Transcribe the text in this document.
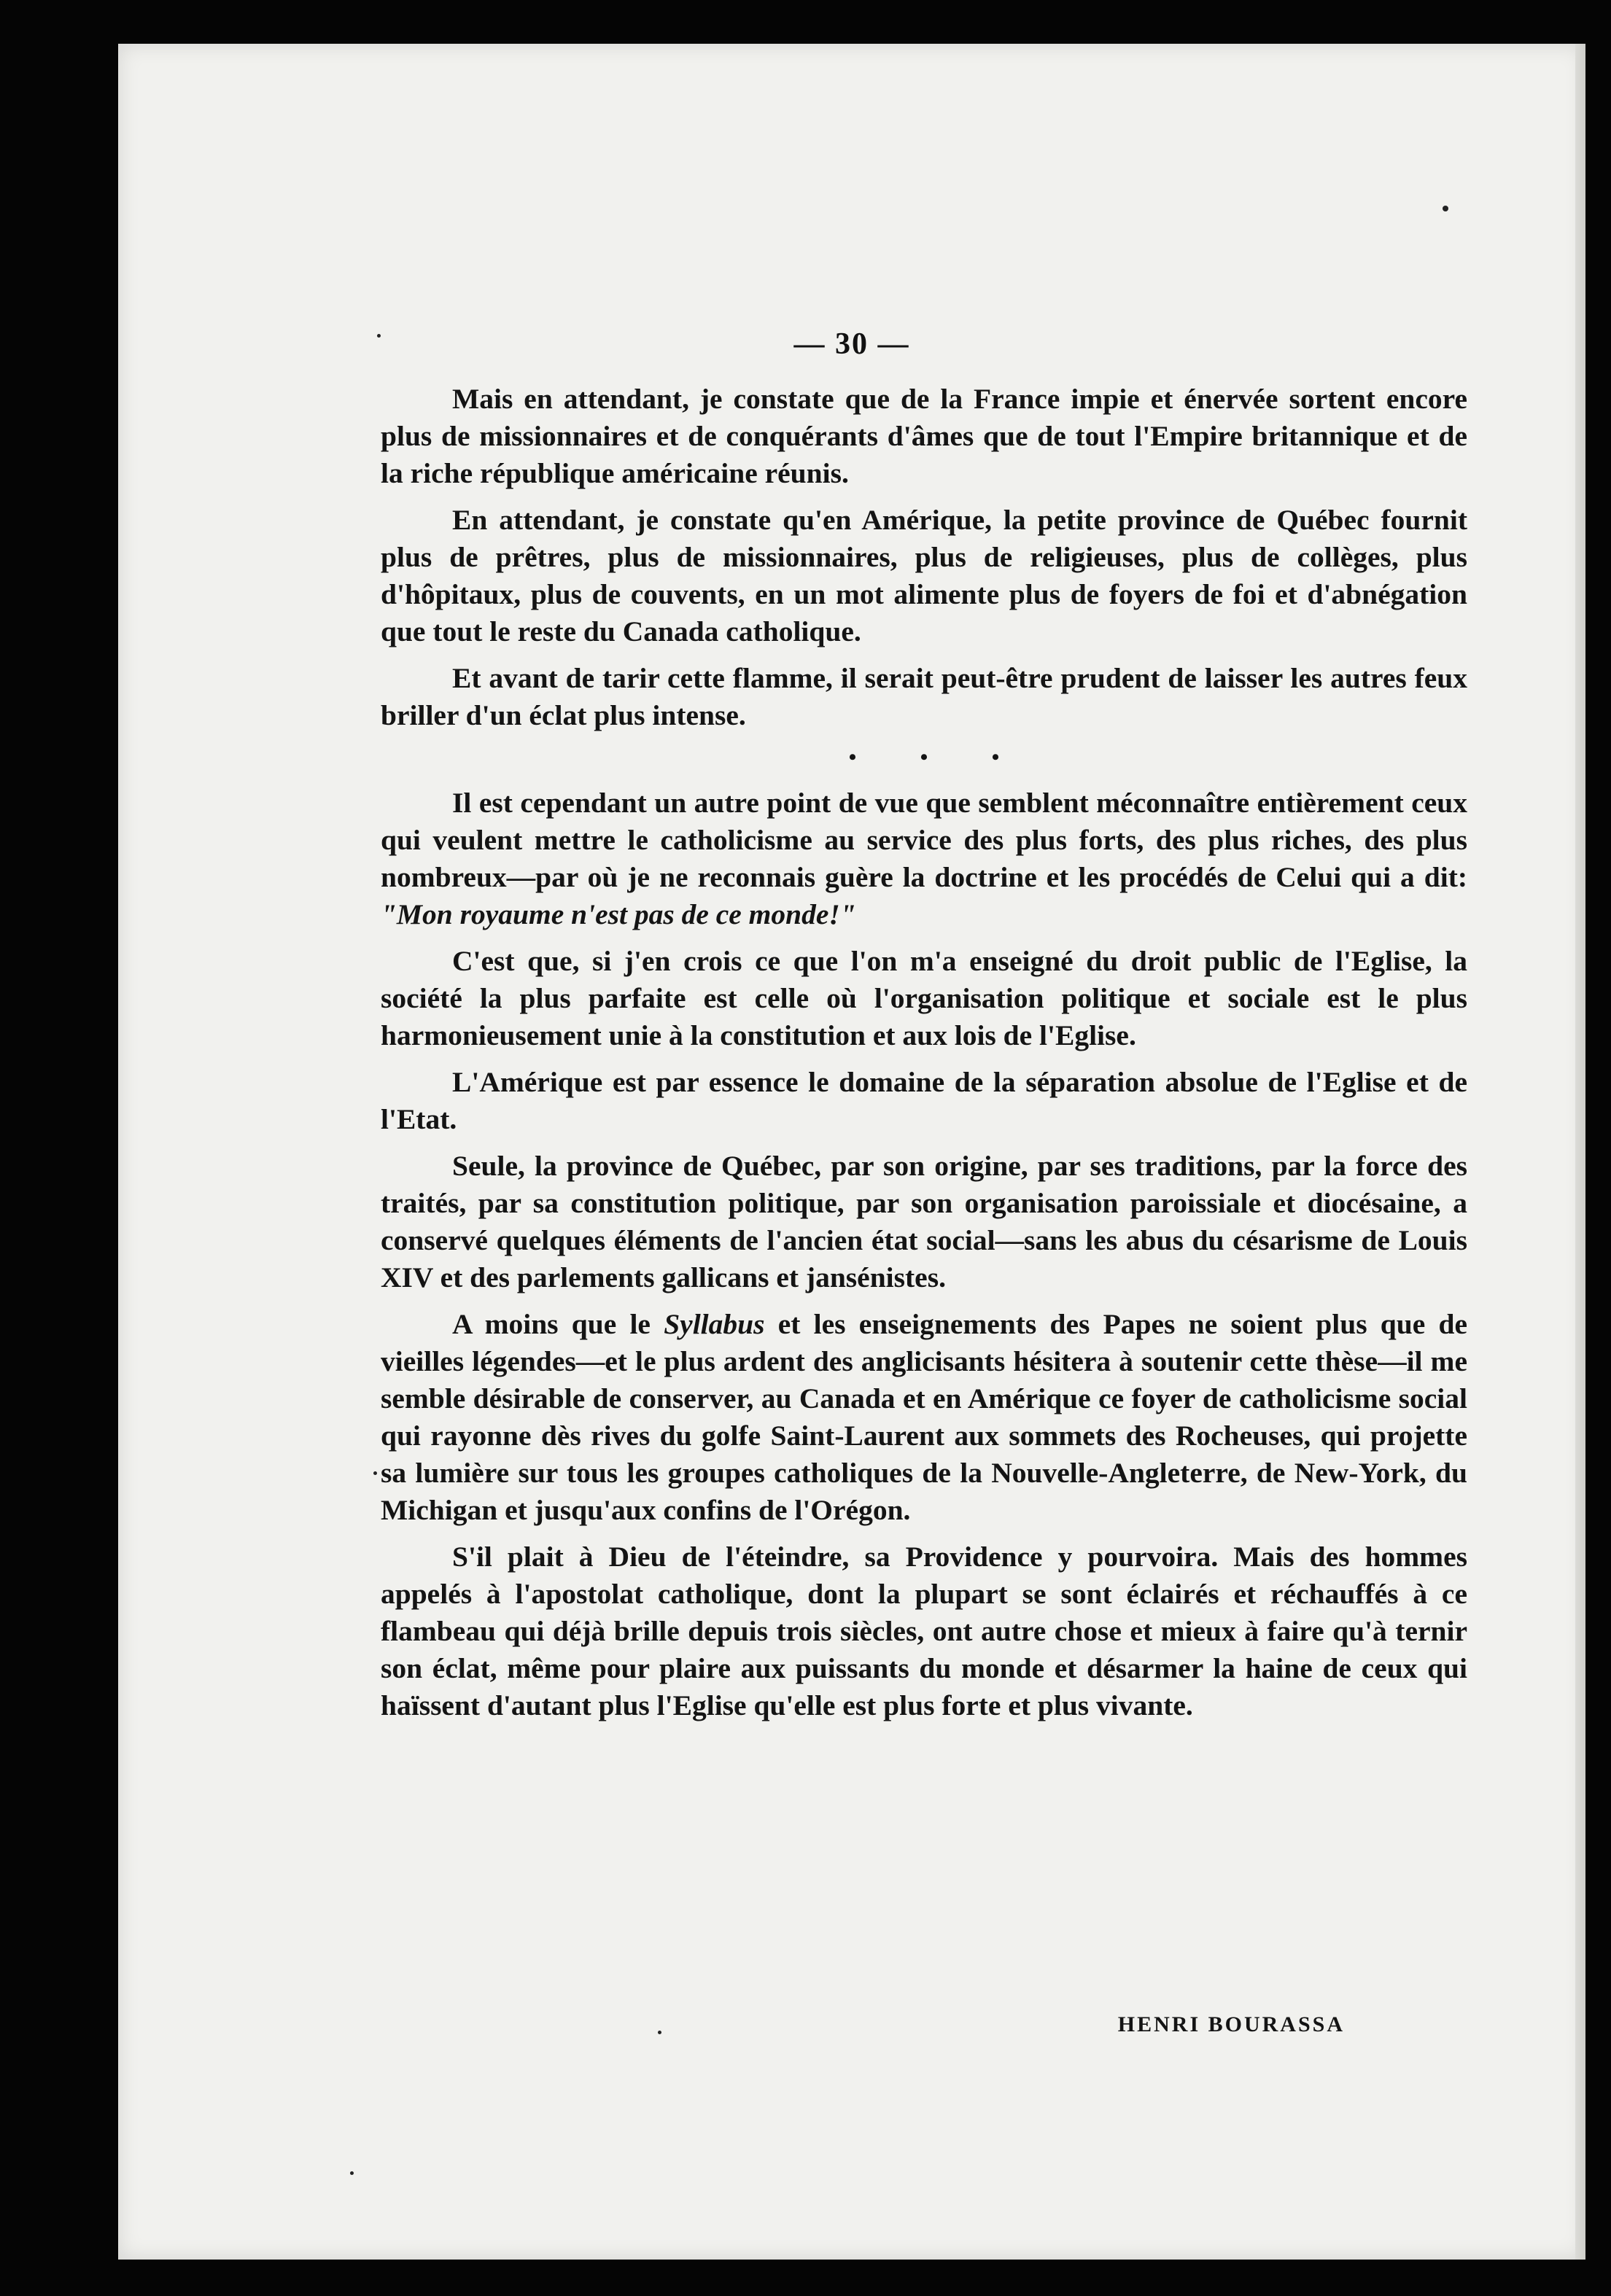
— 30 —

Mais en attendant, je constate que de la France impie et énervée sortent encore plus de missionnaires et de conquérants d'âmes que de tout l'Empire britannique et de la riche république américaine réunis.

En attendant, je constate qu'en Amérique, la petite province de Québec fournit plus de prêtres, plus de missionnaires, plus de religieuses, plus de collèges, plus d'hôpitaux, plus de couvents, en un mot alimente plus de foyers de foi et d'abnégation que tout le reste du Canada catholique.

Et avant de tarir cette flamme, il serait peut-être prudent de laisser les autres feux briller d'un éclat plus intense.

• • •

Il est cependant un autre point de vue que semblent méconnaître entièrement ceux qui veulent mettre le catholicisme au service des plus forts, des plus riches, des plus nombreux—par où je ne reconnais guère la doctrine et les procédés de Celui qui a dit: "Mon royaume n'est pas de ce monde!"

C'est que, si j'en crois ce que l'on m'a enseigné du droit public de l'Eglise, la société la plus parfaite est celle où l'organisation politique et sociale est le plus harmonieusement unie à la constitution et aux lois de l'Eglise.

L'Amérique est par essence le domaine de la séparation absolue de l'Eglise et de l'Etat.

Seule, la province de Québec, par son origine, par ses traditions, par la force des traités, par sa constitution politique, par son organisation paroissiale et diocésaine, a conservé quelques éléments de l'ancien état social—sans les abus du césarisme de Louis XIV et des parlements gallicans et jansénistes.

A moins que le Syllabus et les enseignements des Papes ne soient plus que de vieilles légendes—et le plus ardent des anglicisants hésitera à soutenir cette thèse—il me semble désirable de conserver, au Canada et en Amérique ce foyer de catholicisme social qui rayonne dès rives du golfe Saint-Laurent aux sommets des Rocheuses, qui projette sa lumière sur tous les groupes catholiques de la Nouvelle-Angleterre, de New-York, du Michigan et jusqu'aux confins de l'Orégon.

S'il plait à Dieu de l'éteindre, sa Providence y pourvoira. Mais des hommes appelés à l'apostolat catholique, dont la plupart se sont éclairés et réchauffés à ce flambeau qui déjà brille depuis trois siècles, ont autre chose et mieux à faire qu'à ternir son éclat, même pour plaire aux puissants du monde et désarmer la haine de ceux qui haïssent d'autant plus l'Eglise qu'elle est plus forte et plus vivante.

HENRI BOURASSA
